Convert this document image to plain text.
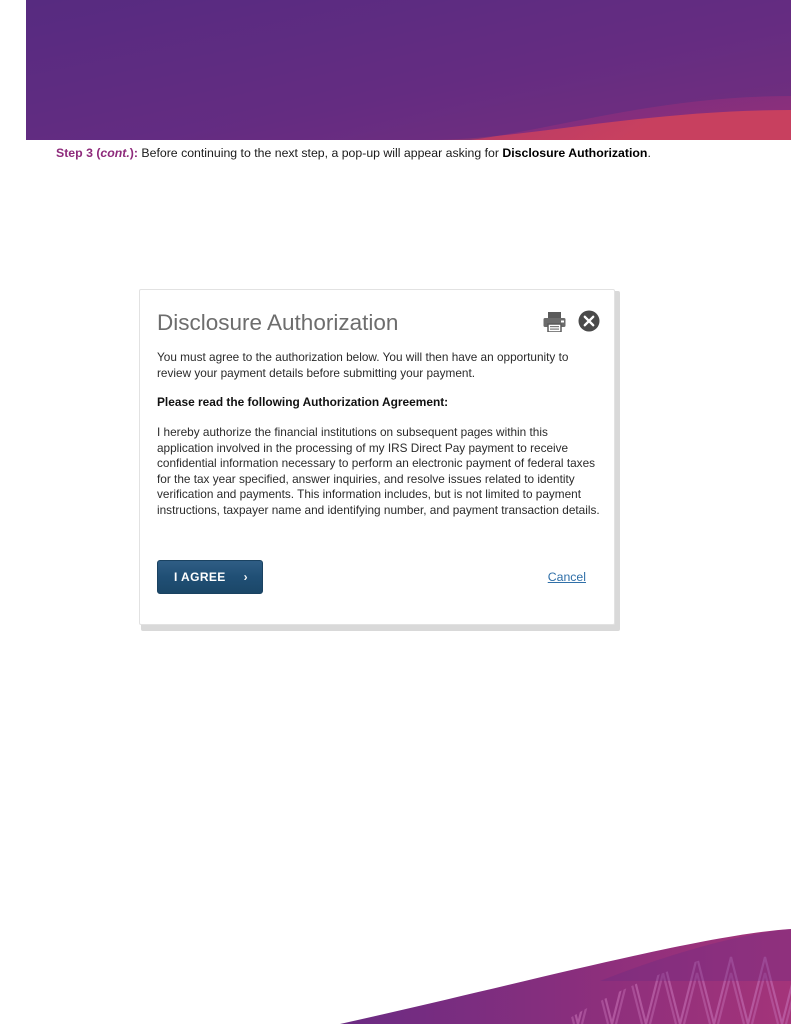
Step 3 (cont.): Before continuing to the next step, a pop-up will appear asking for Disclosure Authorization.
Disclosure Authorization

You must agree to the authorization below. You will then have an opportunity to review your payment details before submitting your payment.

Please read the following Authorization Agreement:

I hereby authorize the financial institutions on subsequent pages within this application involved in the processing of my IRS Direct Pay payment to receive confidential information necessary to perform an electronic payment of federal taxes for the tax year specified, answer inquiries, and resolve issues related to identity verification and payments. This information includes, but is not limited to payment instructions, taxpayer name and identifying number, and payment transaction details.

I AGREE ›	Cancel
